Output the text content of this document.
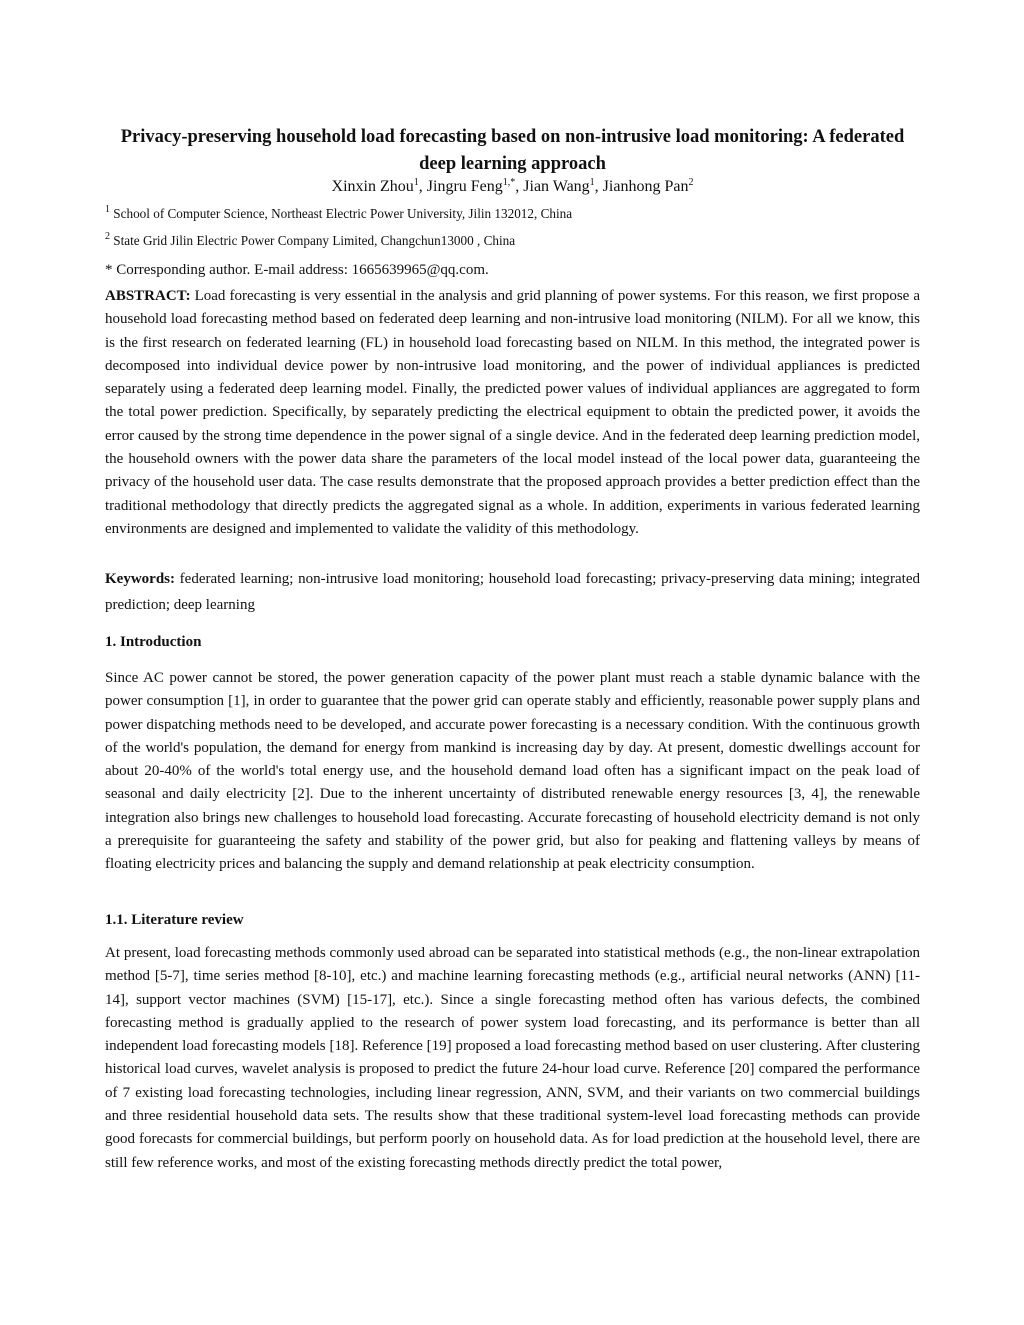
Privacy-preserving household load forecasting based on non-intrusive load monitoring: A federated deep learning approach
Xinxin Zhou$^1$, Jingru Feng$^{1,*}$, Jian Wang$^1$, Jianhong Pan$^2$
$^1$ School of Computer Science, Northeast Electric Power University, Jilin 132012, China
$^2$ State Grid Jilin Electric Power Company Limited, Changchun13000 , China
* Corresponding author. E-mail address: 1665639965@qq.com.

ABSTRACT: Load forecasting is very essential in the analysis and grid planning of power systems. For this reason, we first propose a household load forecasting method based on federated deep learning and non-intrusive load monitoring (NILM). For all we know, this is the first research on federated learning (FL) in household load forecasting based on NILM. In this method, the integrated power is decomposed into individual device power by non-intrusive load monitoring, and the power of individual appliances is predicted separately using a federated deep learning model. Finally, the predicted power values of individual appliances are aggregated to form the total power prediction. Specifically, by separately predicting the electrical equipment to obtain the predicted power, it avoids the error caused by the strong time dependence in the power signal of a single device. And in the federated deep learning prediction model, the household owners with the power data share the parameters of the local model instead of the local power data, guaranteeing the privacy of the household user data. The case results demonstrate that the proposed approach provides a better prediction effect than the traditional methodology that directly predicts the aggregated signal as a whole. In addition, experiments in various federated learning environments are designed and implemented to validate the validity of this methodology.

Keywords: federated learning; non-intrusive load monitoring; household load forecasting; privacy-preserving data mining; integrated prediction; deep learning

1. Introduction

Since AC power cannot be stored, the power generation capacity of the power plant must reach a stable dynamic balance with the power consumption [1], in order to guarantee that the power grid can operate stably and efficiently, reasonable power supply plans and power dispatching methods need to be developed, and accurate power forecasting is a necessary condition. With the continuous growth of the world's population, the demand for energy from mankind is increasing day by day. At present, domestic dwellings account for about 20-40% of the world's total energy use, and the household demand load often has a significant impact on the peak load of seasonal and daily electricity [2]. Due to the inherent uncertainty of distributed renewable energy resources [3, 4], the renewable integration also brings new challenges to household load forecasting. Accurate forecasting of household electricity demand is not only a prerequisite for guaranteeing the safety and stability of the power grid, but also for peaking and flattening valleys by means of floating electricity prices and balancing the supply and demand relationship at peak electricity consumption.

1.1. Literature review

At present, load forecasting methods commonly used abroad can be separated into statistical methods (e.g., the non-linear extrapolation method [5-7], time series method [8-10], etc.) and machine learning forecasting methods (e.g., artificial neural networks (ANN) [11-14], support vector machines (SVM) [15-17], etc.). Since a single forecasting method often has various defects, the combined forecasting method is gradually applied to the research of power system load forecasting, and its performance is better than all independent load forecasting models [18]. Reference [19] proposed a load forecasting method based on user clustering. After clustering historical load curves, wavelet analysis is proposed to predict the future 24-hour load curve. Reference [20] compared the performance of 7 existing load forecasting technologies, including linear regression, ANN, SVM, and their variants on two commercial buildings and three residential household data sets. The results show that these traditional system-level load forecasting methods can provide good forecasts for commercial buildings, but perform poorly on household data. As for load prediction at the household level, there are still few reference works, and most of the existing forecasting methods directly predict the total power,
